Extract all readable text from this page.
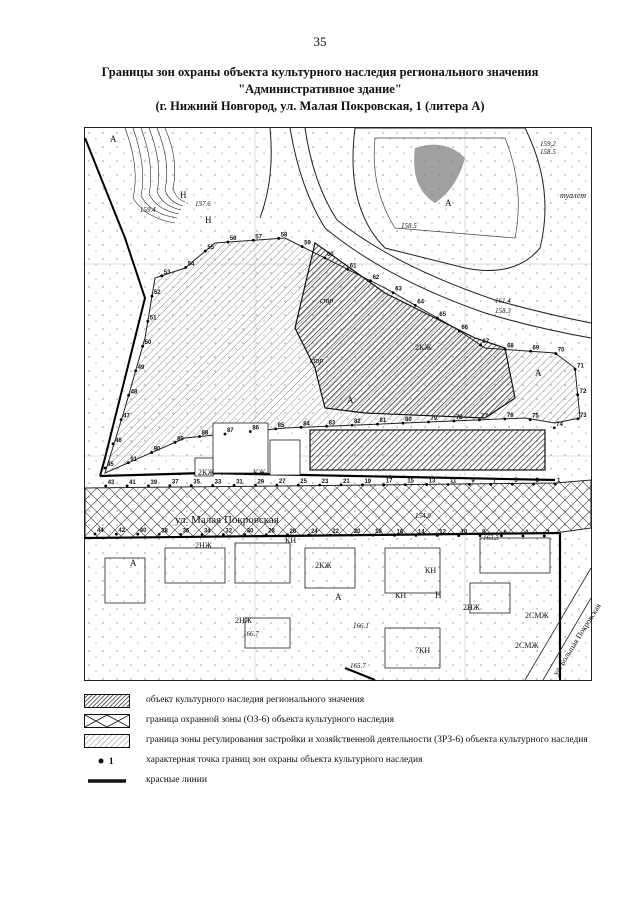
35
Границы зон охраны объекта культурного наследия регионального значения
"Административное здание"
(г. Нижний Новгород, ул. Малая Покровская, 1 (литера А)
ул. Малая Покровская
ул. Большая Покровская
2КЖ	КЖ
2КЖ
КН
2НЖ
2КЖ
КН
2НЖ
2НЖ
2СМЖ
2СМЖ
7КН
КН
158.5
157.6
159.4
161.4
158.3
154.9
166.7
166.1
165.7
163.3
159.2
158.5
А
А
А
А
А
А
Н
Н
Н
стр
стр
туалет
1
2
3
4
5
6
7
8
9
10
11
12
13
14
15
16
17
18
19
20
21
22
23
24
25
26
27
28
29
30
31
32
33
34
35
36
37
38
39
40
41
42
43
44
45
46
47
48
49
50
51
52
53
54
55
56	57	58
59
60
61
62
63
64
65
66
67
68	69	70
71
72
73
74
75
76
77
78
79
80
81
82
83
84
85
86
87
88
89
90
91
объект культурного наследия регионального значения
граница охранной зоны (ОЗ-6) объекта культурного наследия
граница зоны регулирования застройки и хозяйственной деятельности (ЗРЗ-6) объекта культурного наследия
1	характерная точка границ зон охраны объекта культурного наследия
красные линии
